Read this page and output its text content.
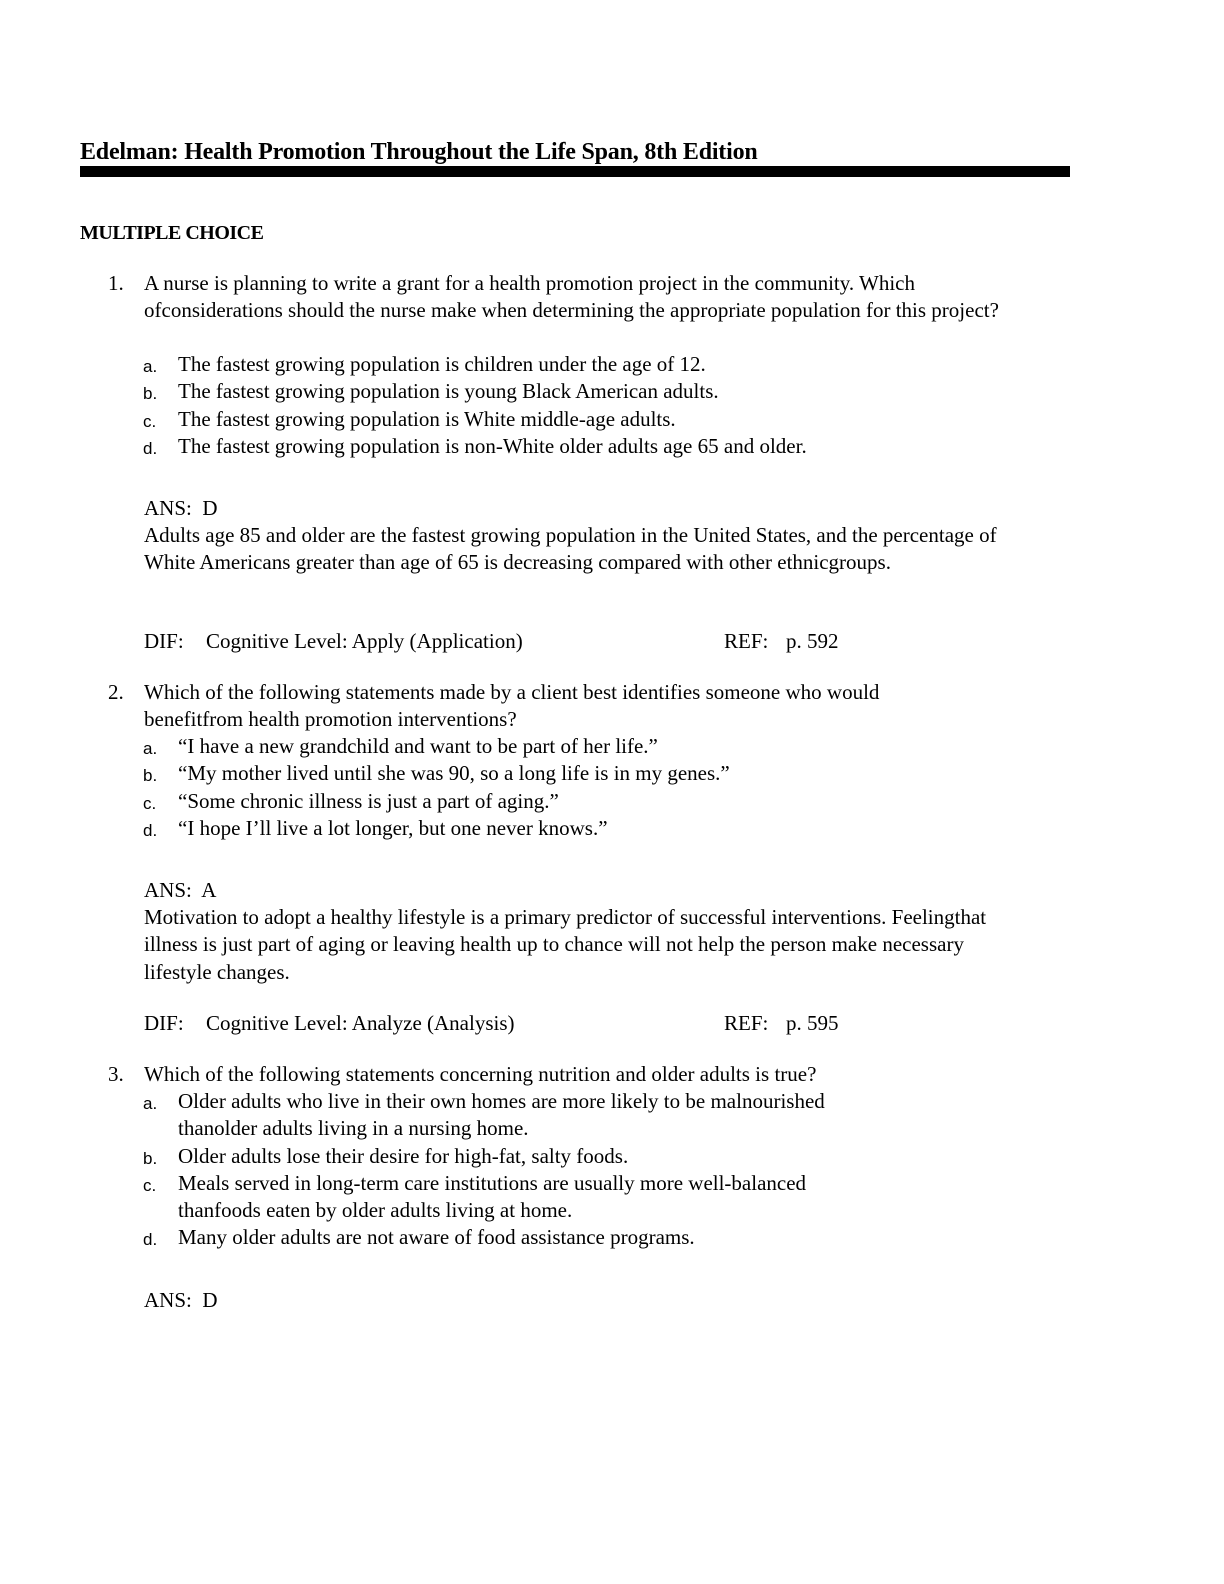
Edelman: Health Promotion Throughout the Life Span, 8th Edition
MULTIPLE CHOICE
1. A nurse is planning to write a grant for a health promotion project in the community. Which ofconsiderations should the nurse make when determining the appropriate population for this project?
a. The fastest growing population is children under the age of 12.
b. The fastest growing population is young Black American adults.
c. The fastest growing population is White middle-age adults.
d. The fastest growing population is non-White older adults age 65 and older.
ANS: D
Adults age 85 and older are the fastest growing population in the United States, and the percentage of White Americans greater than age of 65 is decreasing compared with other ethnicgroups.
DIF: Cognitive Level: Apply (Application)	REF: p. 592
2. Which of the following statements made by a client best identifies someone who would benefitfrom health promotion interventions?
a. “I have a new grandchild and want to be part of her life.”
b. “My mother lived until she was 90, so a long life is in my genes.”
c. “Some chronic illness is just a part of aging.”
d. “I hope I’ll live a lot longer, but one never knows.”
ANS: A
Motivation to adopt a healthy lifestyle is a primary predictor of successful interventions. Feelingthat illness is just part of aging or leaving health up to chance will not help the person make necessary lifestyle changes.
DIF: Cognitive Level: Analyze (Analysis)	REF: p. 595
3. Which of the following statements concerning nutrition and older adults is true?
a. Older adults who live in their own homes are more likely to be malnourished thanolder adults living in a nursing home.
b. Older adults lose their desire for high-fat, salty foods.
c. Meals served in long-term care institutions are usually more well-balanced thanfoods eaten by older adults living at home.
d. Many older adults are not aware of food assistance programs.
ANS: D
